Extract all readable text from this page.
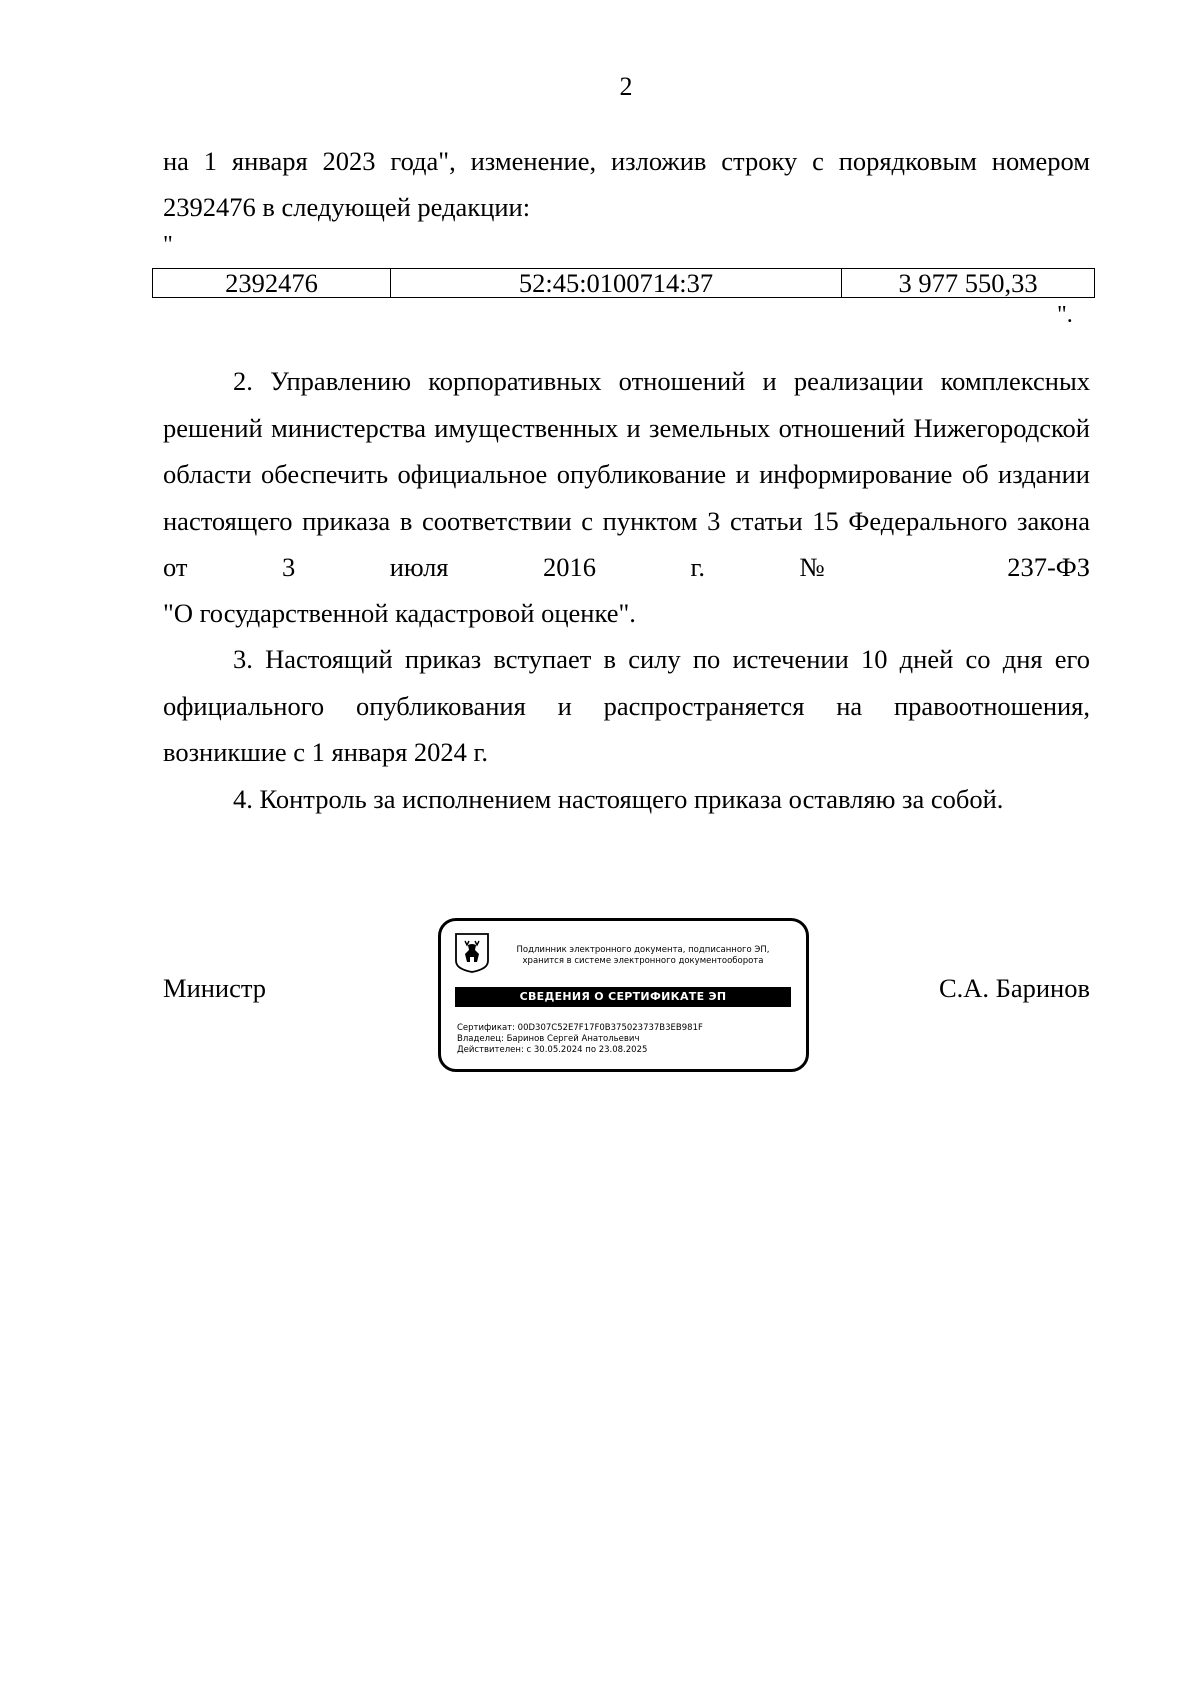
2
на 1 января 2023 года", изменение, изложив строку с порядковым номером
2392476 в следующей редакции:
"
2392476	52:45:0100714:37	3 977 550,33
".
2. Управлению корпоративных отношений и реализации комплексных решений министерства имущественных и земельных отношений Нижегородской области обеспечить официальное опубликование и информирование об издании настоящего приказа в соответствии с пунктом 3 статьи 15 Федерального закона от 3 июля 2016 г. № 237-ФЗ
"О государственной кадастровой оценке".
3. Настоящий приказ вступает в силу по истечении 10 дней со дня его официального опубликования и распространяется на правоотношения, возникшие с 1 января 2024 г.
4. Контроль за исполнением настоящего приказа оставляю за собой.
Министр	С.А. Баринов
Подлинник электронного документа, подписанного ЭП,
хранится в системе электронного документооборота
СВЕДЕНИЯ О СЕРТИФИКАТЕ ЭП
Сертификат: 00D307C52E7F17F0B375023737B3EB981F
Владелец: Баринов Сергей Анатольевич
Действителен: с 30.05.2024 по 23.08.2025
